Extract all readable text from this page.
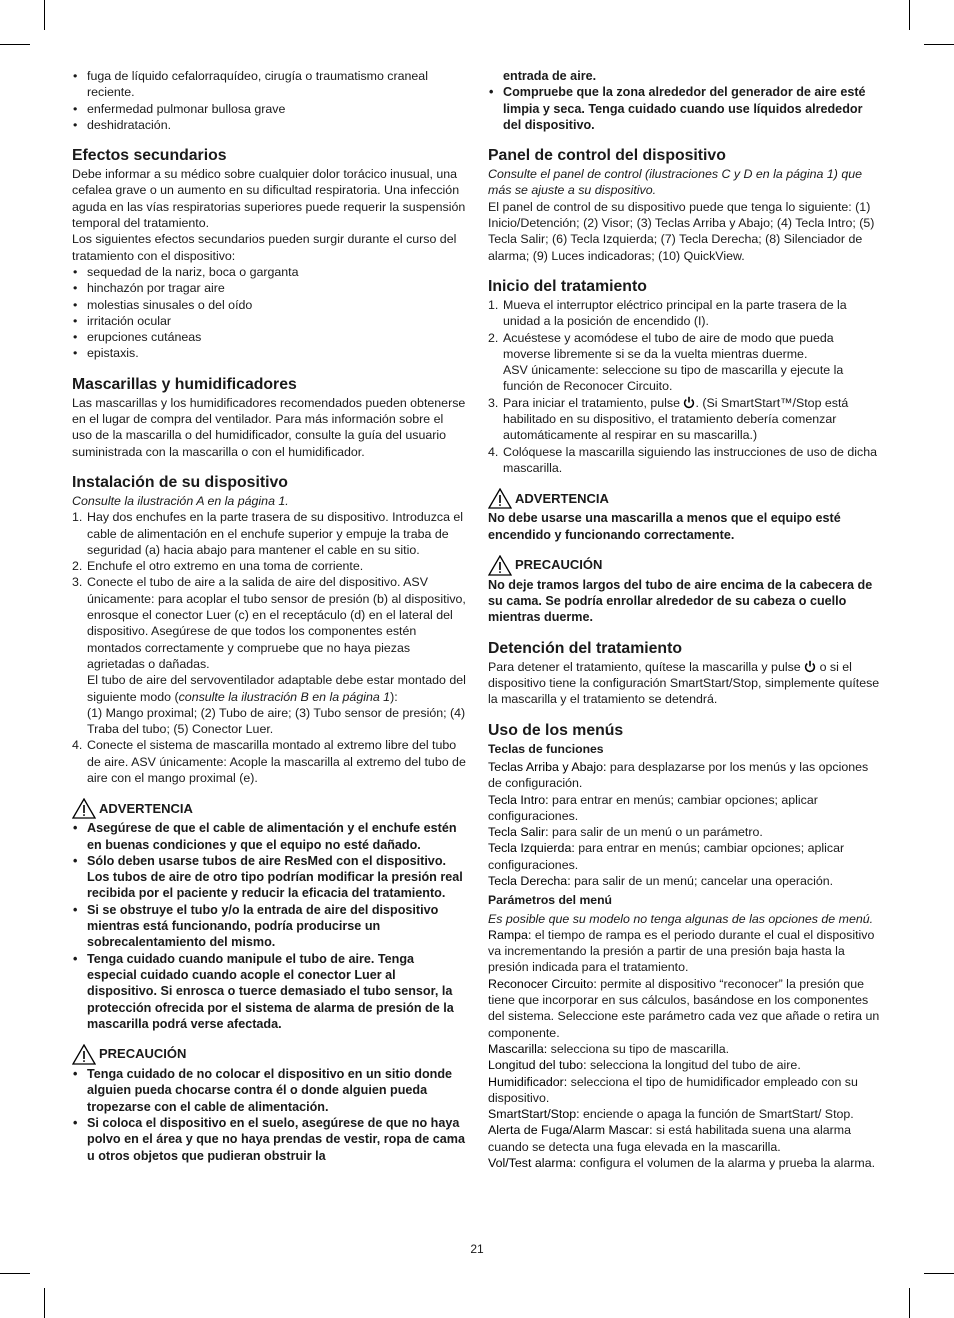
• fuga de líquido cefalorraquídeo, cirugía o traumatismo craneal reciente.
• enfermedad pulmonar bullosa grave
• deshidratación.
Efectos secundarios

Debe informar a su médico sobre cualquier dolor torácico inusual, una cefalea grave o un aumento en su dificultad respiratoria. Una infección aguda en las vías respiratorias superiores puede requerir la suspensión temporal del tratamiento.

Los siguientes efectos secundarios pueden surgir durante el curso del tratamiento con el dispositivo:

• sequedad de la nariz, boca o garganta
• hinchazón por tragar aire
• molestias sinusales o del oído
• irritación ocular
• erupciones cutáneas
• epistaxis.
Mascarillas y humidificadores

Las mascarillas y los humidificadores recomendados pueden obtenerse en el lugar de compra del ventilador. Para más información sobre el uso de la mascarilla o del humidificador, consulte la guía del usuario suministrada con la mascarilla o con el humidificador.

Instalación de su dispositivo

Consulte la ilustración A en la página 1.

1. Hay dos enchufes en la parte trasera de su dispositivo. Introduzca el cable de alimentación en el enchufe superior y empuje la traba de seguridad (a) hacia abajo para mantener el cable en su sitio.
2. Enchufe el otro extremo en una toma de corriente.
3. Conecte el tubo de aire a la salida de aire del dispositivo. ASV únicamente: para acoplar el tubo sensor de presión (b) al dispositivo, enrosque el conector Luer (c) en el receptáculo (d) en el lateral del dispositivo. Asegúrese de que todos los componentes estén montados correctamente y compruebe que no haya piezas agrietadas o dañadas.
El tubo de aire del servoventilador adaptable debe estar montado del siguiente modo (consulte la ilustración B en la página 1):
(1) Mango proximal; (2) Tubo de aire; (3) Tubo sensor de presión; (4) Traba del tubo; (5) Conector Luer.
4. Conecte el sistema de mascarilla montado al extremo libre del tubo de aire. ASV únicamente: Acople la mascarilla al extremo del tubo de aire con el mango proximal (e).
ADVERTENCIA
• Asegúrese de que el cable de alimentación y el enchufe estén en buenas condiciones y que el equipo no esté dañado.
• Sólo deben usarse tubos de aire ResMed con el dispositivo. Los tubos de aire de otro tipo podrían modificar la presión real recibida por el paciente y reducir la eficacia del tratamiento.
• Si se obstruye el tubo y/o la entrada de aire del dispositivo mientras está funcionando, podría producirse un sobrecalentamiento del mismo.
• Tenga cuidado cuando manipule el tubo de aire. Tenga especial cuidado cuando acople el conector Luer al dispositivo. Si enrosca o tuerce demasiado el tubo sensor, la protección ofrecida por el sistema de alarma de presión de la mascarilla podrá verse afectada.
PRECAUCIÓN
• Tenga cuidado de no colocar el dispositivo en un sitio donde alguien pueda chocarse contra él o donde alguien pueda tropezarse con el cable de alimentación.
• Si coloca el dispositivo en el suelo, asegúrese de que no haya polvo en el área y que no haya prendas de vestir, ropa de cama u otros objetos que pudieran obstruir la

entrada de aire.

• Compruebe que la zona alrededor del generador de aire esté limpia y seca. Tenga cuidado cuando use líquidos alrededor del dispositivo.
Panel de control del dispositivo

Consulte el panel de control (ilustraciones C y D en la página 1) que más se ajuste a su dispositivo.

El panel de control de su dispositivo puede que tenga lo siguiente: (1) Inicio/Detención; (2) Visor; (3) Teclas Arriba y Abajo; (4) Tecla Intro; (5) Tecla Salir; (6) Tecla Izquierda; (7) Tecla Derecha; (8) Silenciador de alarma; (9) Luces indicadoras; (10) QuickView.

Inicio del tratamiento
1. Mueva el interruptor eléctrico principal en la parte trasera de la unidad a la posición de encendido (I).
2. Acuéstese y acomódese el tubo de aire de modo que pueda moverse libremente si se da la vuelta mientras duerme.
ASV únicamente: seleccione su tipo de mascarilla y ejecute la función de Reconocer Circuito.
3. Para iniciar el tratamiento, pulse . (Si SmartStart™/Stop está habilitado en su dispositivo, el tratamiento debería comenzar automáticamente al respirar en su mascarilla.)
4. Colóquese la mascarilla siguiendo las instrucciones de uso de dicha mascarilla.
ADVERTENCIA

No debe usarse una mascarilla a menos que el equipo esté encendido y funcionando correctamente.

PRECAUCIÓN

No deje tramos largos del tubo de aire encima de la cabecera de su cama. Se podría enrollar alrededor de su cabeza o cuello mientras duerme.

Detención del tratamiento

Para detener el tratamiento, quítese la mascarilla y pulse  o si el dispositivo tiene la configuración SmartStart/Stop, simplemente quítese la mascarilla y el tratamiento se detendrá.

Uso de los menús
Teclas de funciones

Teclas Arriba y Abajo: para desplazarse por los menús y las opciones de configuración.

Tecla Intro: para entrar en menús; cambiar opciones; aplicar configuraciones.

Tecla Salir: para salir de un menú o un parámetro.

Tecla Izquierda: para entrar en menús; cambiar opciones; aplicar configuraciones.

Tecla Derecha: para salir de un menú; cancelar una operación.

Parámetros del menú

Es posible que su modelo no tenga algunas de las opciones de menú.

Rampa: el tiempo de rampa es el periodo durante el cual el dispositivo va incrementando la presión a partir de una presión baja hasta la presión indicada para el tratamiento.

Reconocer Circuito: permite al dispositivo “reconocer” la presión que tiene que incorporar en sus cálculos, basándose en los componentes del sistema. Seleccione este parámetro cada vez que añade o retira un componente.

Mascarilla: selecciona su tipo de mascarilla.

Longitud del tubo: selecciona la longitud del tubo de aire.

Humidificador: selecciona el tipo de humidificador empleado con su dispositivo.

SmartStart/Stop: enciende o apaga la función de SmartStart/ Stop.

Alerta de Fuga/Alarm Mascar: si está habilitada suena una alarma cuando se detecta una fuga elevada en la mascarilla.

Vol/Test alarma: configura el volumen de la alarma y prueba la alarma.

21
